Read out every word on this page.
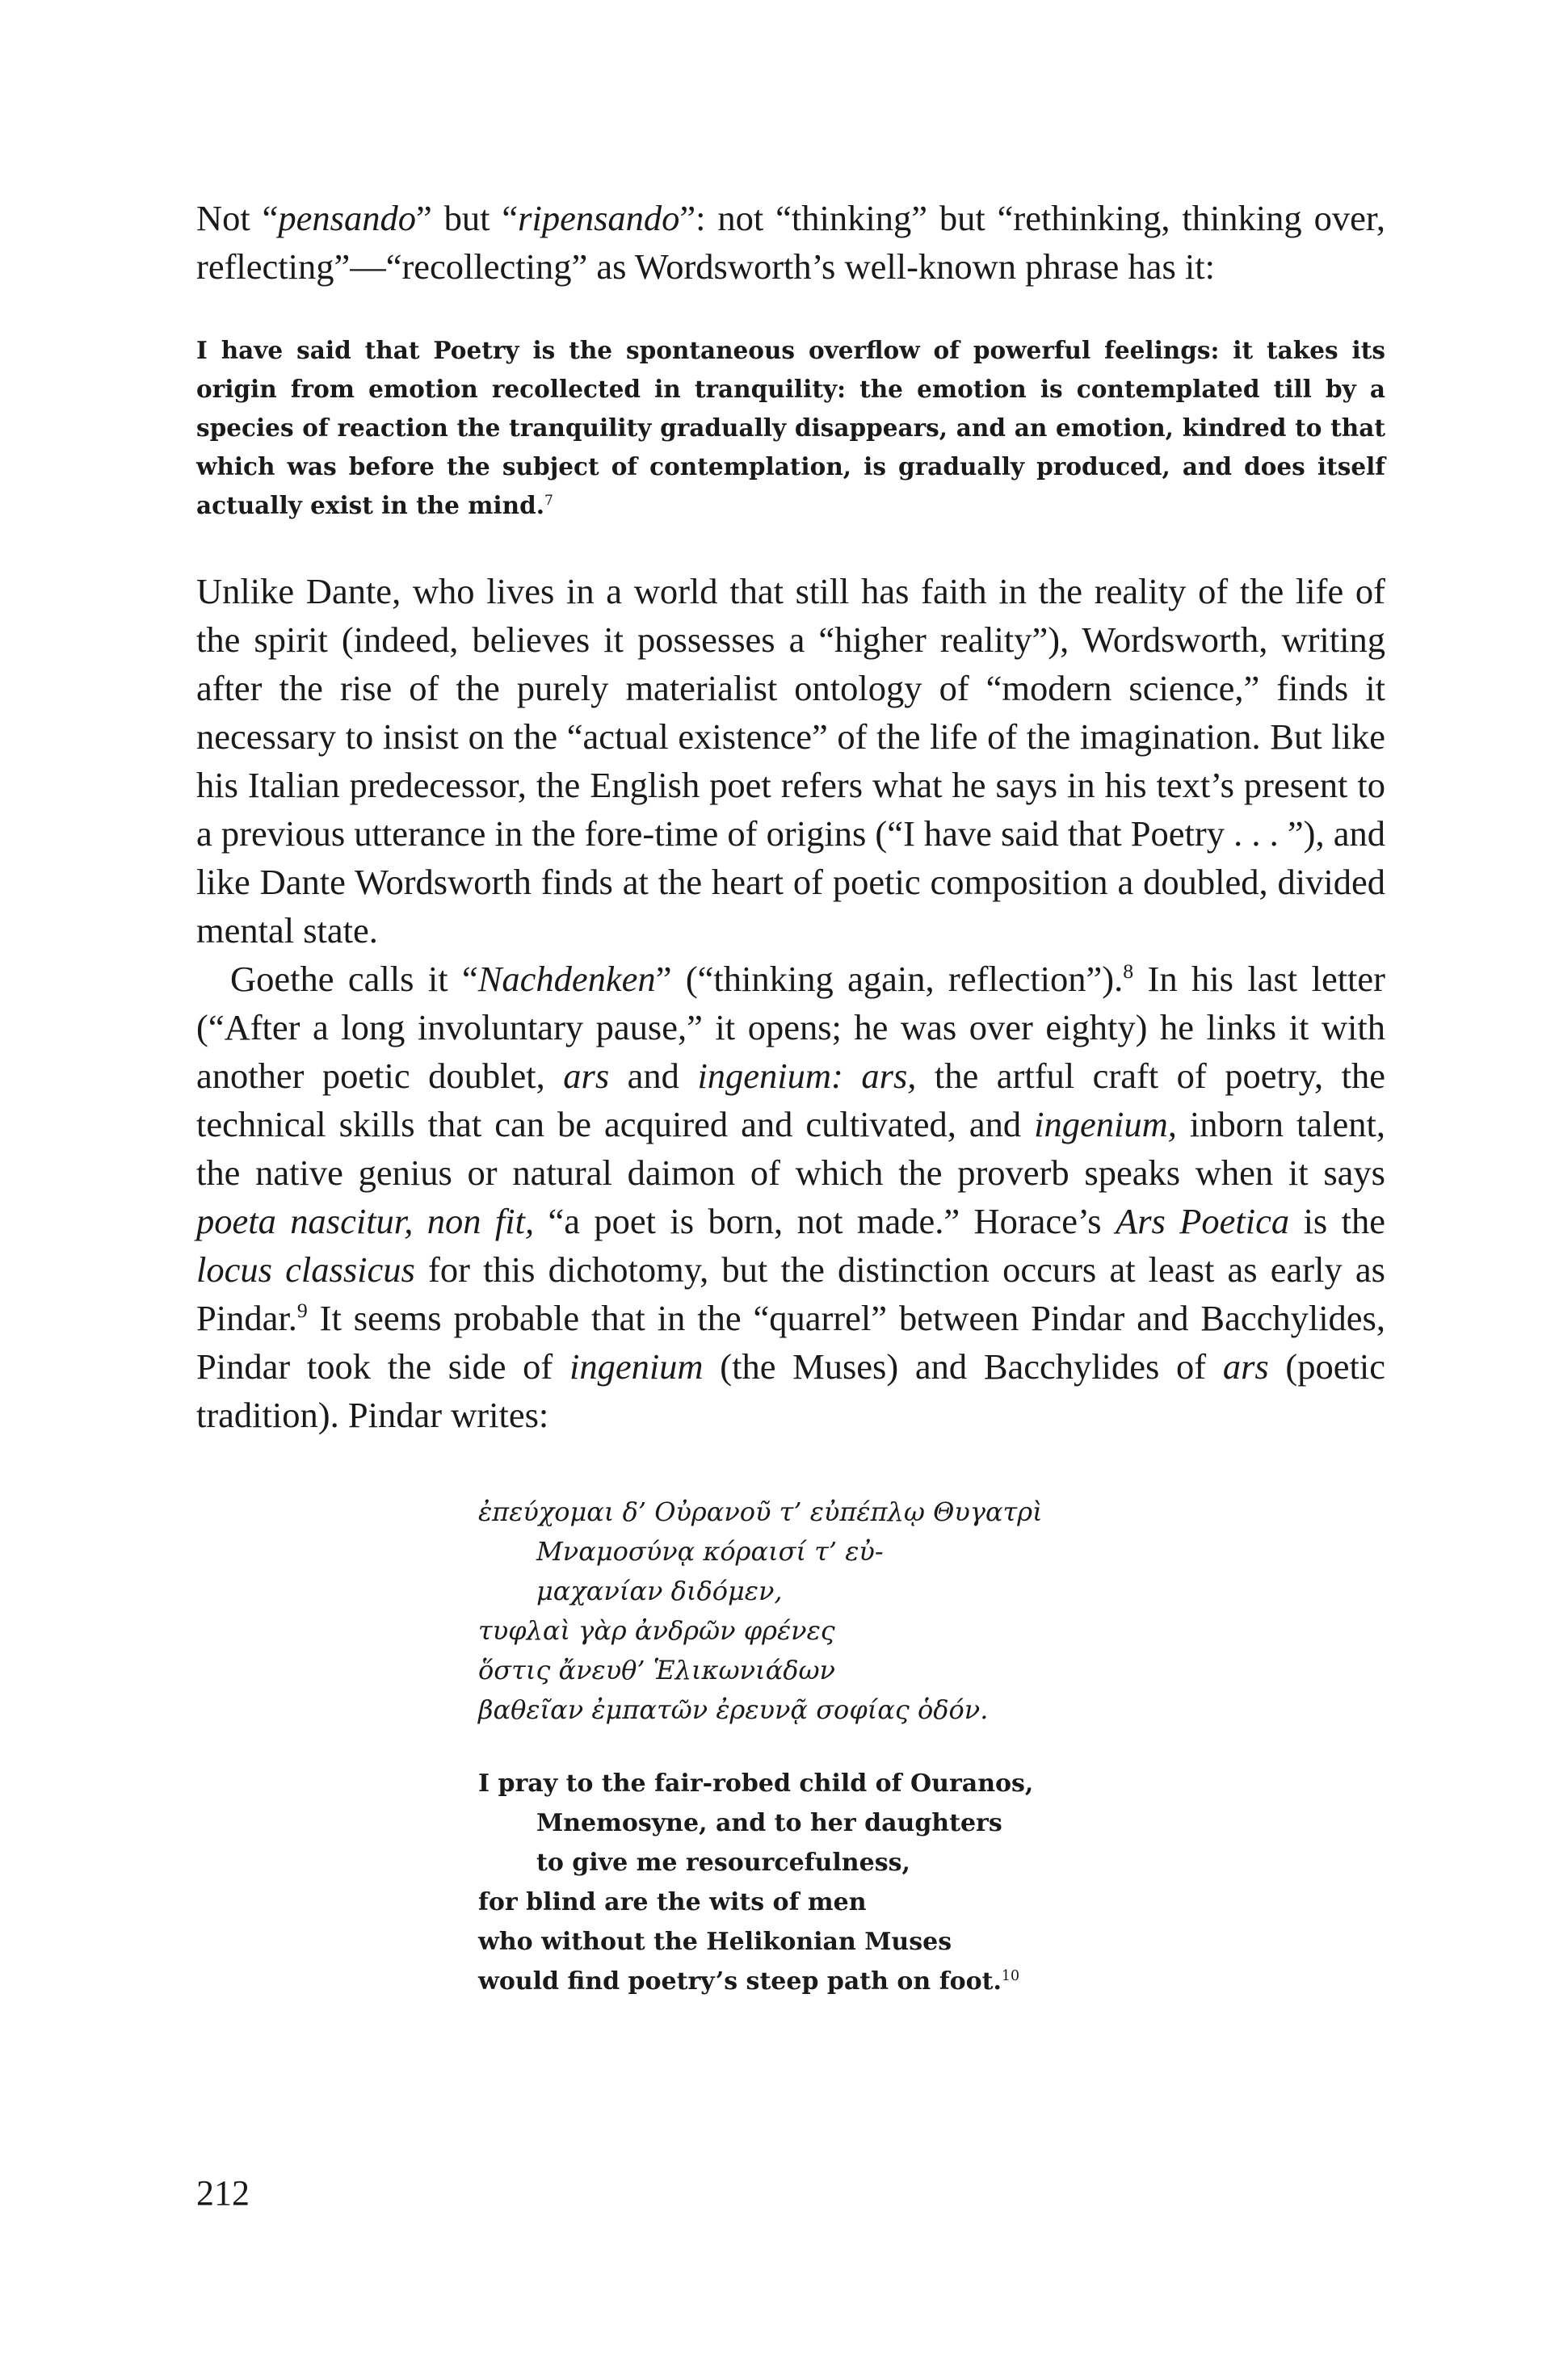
Not “pensando” but “ripensando”: not “thinking” but “rethinking, thinking over, reflecting”—“recollecting” as Wordsworth’s well-known phrase has it:

I have said that Poetry is the spontaneous overflow of powerful feelings: it takes its origin from emotion recollected in tranquility: the emotion is contemplated till by a species of reaction the tranquility gradually disappears, and an emotion, kindred to that which was before the subject of contemplation, is gradually produced, and does itself actually exist in the mind.$^7$

Unlike Dante, who lives in a world that still has faith in the reality of the life of the spirit (indeed, believes it possesses a “higher reality”), Wordsworth, writing after the rise of the purely materialist ontology of “modern science,” finds it necessary to insist on the “actual existence” of the life of the imagination. But like his Italian predecessor, the English poet refers what he says in his text’s present to a previous utterance in the fore-time of origins (“I have said that Poetry . . . ”), and like Dante Wordsworth finds at the heart of poetic composition a doubled, divided mental state.

Goethe calls it “Nachdenken” (“thinking again, reflection”).$^8$ In his last letter (“After a long involuntary pause,” it opens; he was over eighty) he links it with another poetic doublet, ars and ingenium: ars, the artful craft of poetry, the technical skills that can be acquired and cultivated, and ingenium, inborn talent, the native genius or natural daimon of which the proverb speaks when it says poeta nascitur, non fit, “a poet is born, not made.” Horace’s Ars Poetica is the locus classicus for this dichotomy, but the distinction occurs at least as early as Pindar.$^9$ It seems probable that in the “quarrel” between Pindar and Bacchylides, Pindar took the side of ingenium (the Muses) and Bacchylides of ars (poetic tradition). Pindar writes:

ἐπεύχομαι δ’ Οὐρανοῦ τ’ εὐπέπλῳ Θυγατρὶ
Μναμοσύνᾳ κόραισί τ’ εὐ-
μαχανίαν διδόμεν,
τυφλαὶ γὰρ ἀνδρῶν φρένες
ὅστις ἄνευθ’ Ἑλικωνιάδων
βαθεῖαν ἐμπατῶν ἐρευνᾷ σοφίας ὁδόν.
I pray to the fair-robed child of Ouranos,
Mnemosyne, and to her daughters
to give me resourcefulness,
for blind are the wits of men
who without the Helikonian Muses
would find poetry’s steep path on foot.$^{10}$
212
